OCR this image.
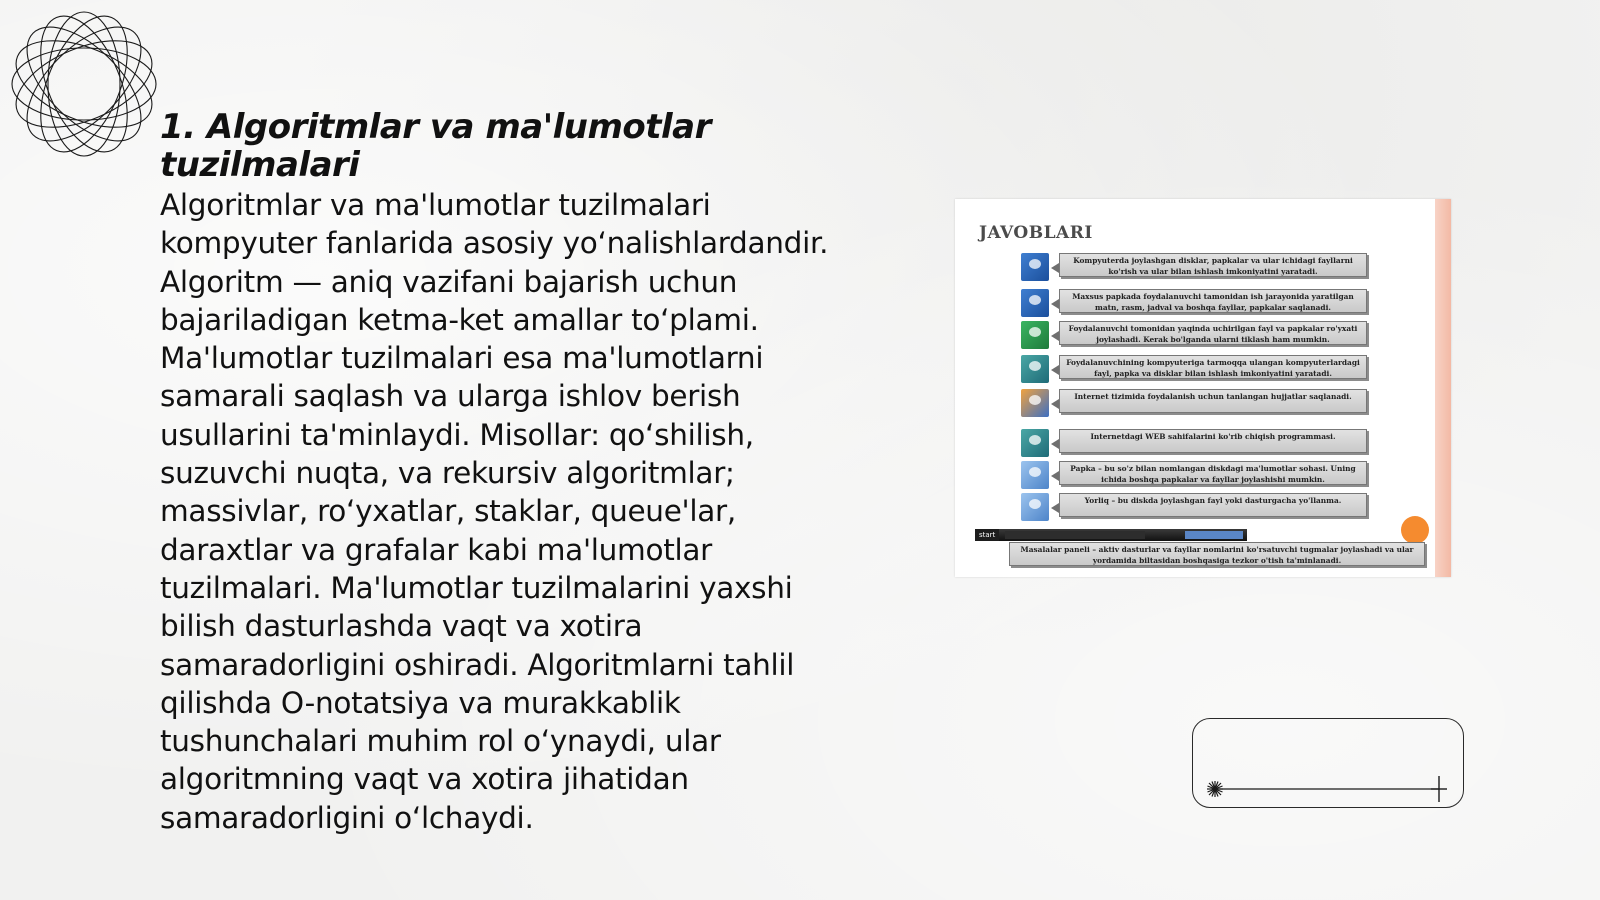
1. Algoritmlar va ma'lumotlar tuzilmalari

Algoritmlar va ma'lumotlar tuzilmalari kompyuter fanlarida asosiy yo‘nalishlardandir. Algoritm — aniq vazifani bajarish uchun bajariladigan ketma-ket amallar to‘plami. Ma'lumotlar tuzilmalari esa ma'lumotlarni samarali saqlash va ularga ishlov berish usullarini ta'minlaydi. Misollar: qo‘shilish, suzuvchi nuqta, va rekursiv algoritmlar; massivlar, ro‘yxatlar, staklar, queue'lar, daraxtlar va grafalar kabi ma'lumotlar tuzilmalari. Ma'lumotlar tuzilmalarini yaxshi bilish dasturlashda vaqt va xotira samaradorligini oshiradi. Algoritmlarni tahlil qilishda O-notatsiya va murakkablik tushunchalari muhim rol o‘ynaydi, ular algoritmning vaqt va xotira jihatidan samaradorligini o‘lchaydi.

JAVOBLARI
Kompyuterda joylashgan disklar, papkalar va ular ichidagi fayllarni ko'rish va ular bilan ishlash imkoniyatini yaratadi.
Maxsus papkada foydalanuvchi tamonidan ish jarayonida yaratilgan matn, rasm, jadval va boshqa fayllar, papkalar saqlanadi.
Foydalanuvchi tomonidan yaqinda uchirilgan fayl va papkalar ro'yxati joylashadi. Kerak bo'lganda ularni tiklash ham mumkin.
Foydalanuvchining kompyuteriga tarmoqqa ulangan kompyuterlardagi fayl, papka va disklar bilan ishlash imkoniyatini yaratadi.
Internet tizimida foydalanish uchun tanlangan hujjatlar saqlanadi.
Internetdagi WEB sahifalarini ko'rib chiqish programmasi.
Papka – bu so'z bilan nomlangan diskdagi ma'lumotlar sohasi. Uning ichida boshqa papkalar va fayllar joylashishi mumkin.
Yorliq – bu diskda joylashgan fayl yoki dasturgacha yo'llanma.
start
Masalalar paneli – aktiv dasturlar va fayllar nomlarini ko'rsatuvchi tugmalar joylashadi va ular yordamida biltasidan boshqasiga tezkor o'tish ta'minlanadi.
